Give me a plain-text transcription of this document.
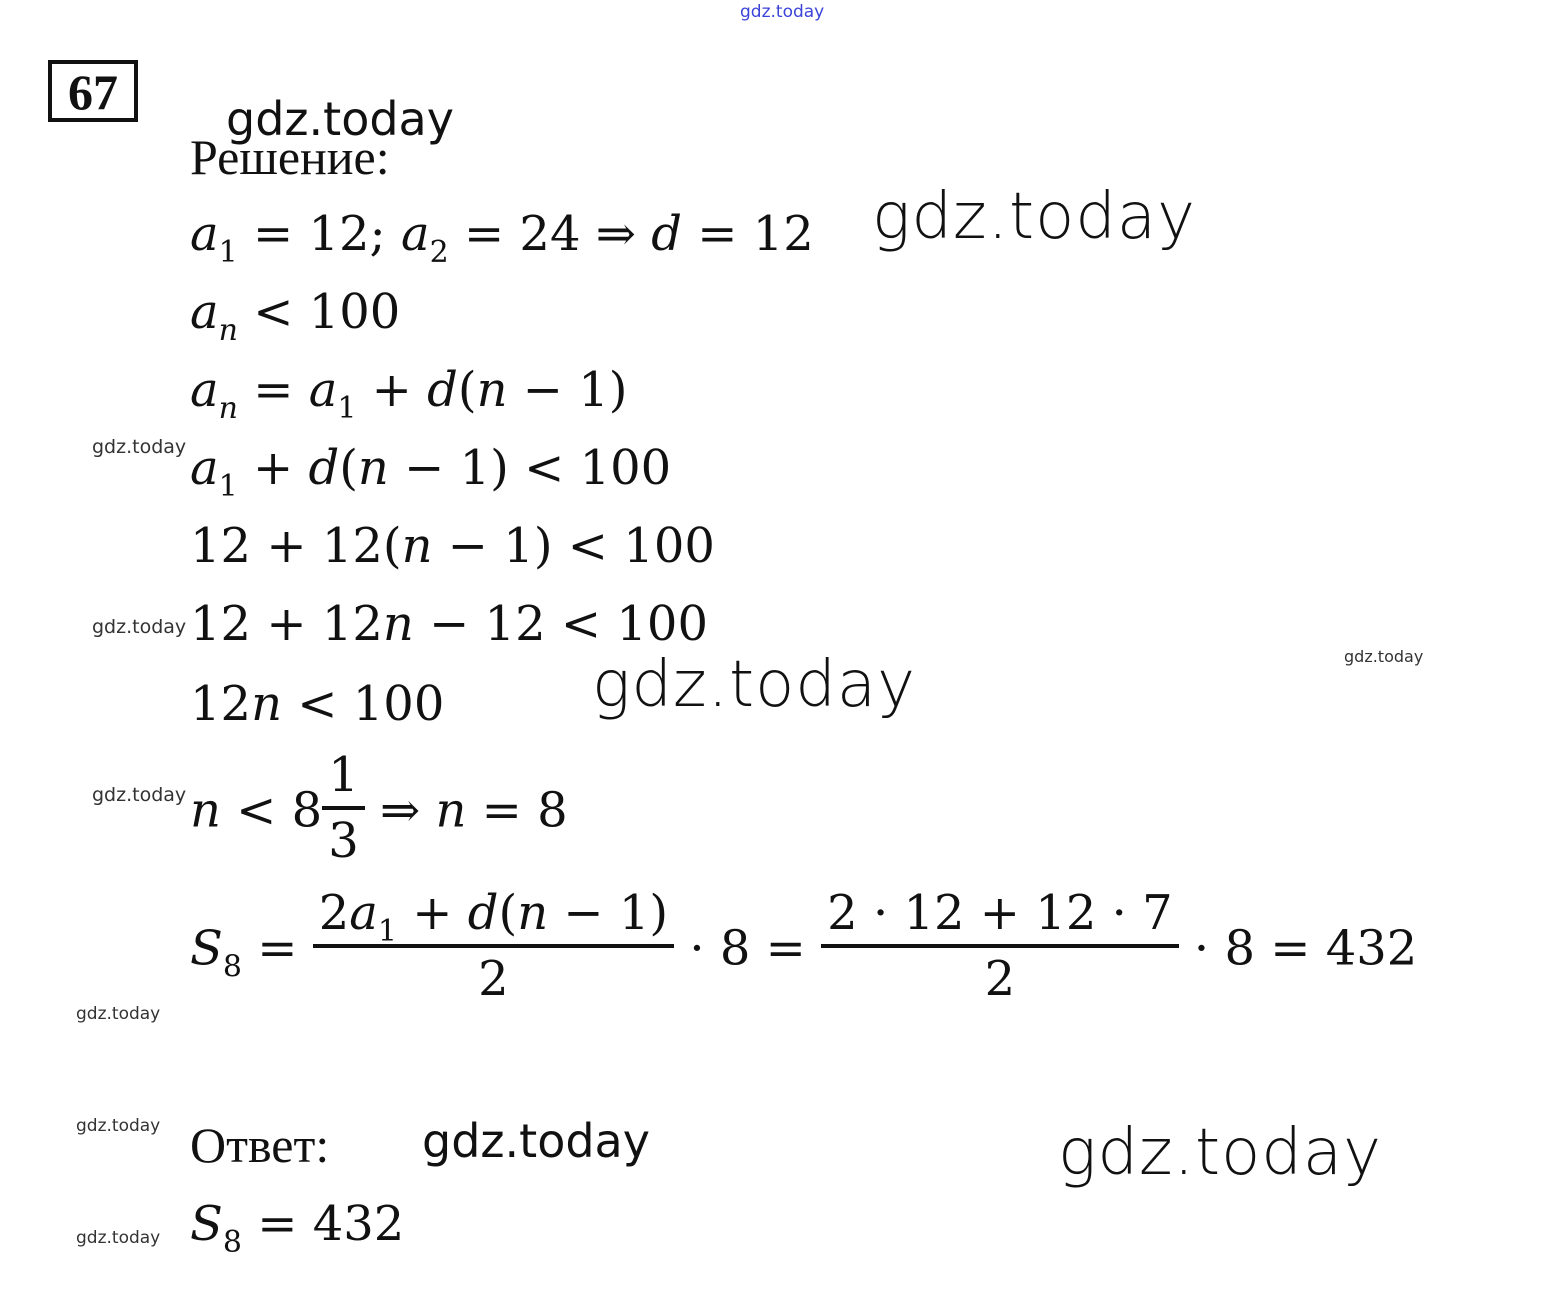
67
Решение:
$a_1 = 12$; $a_2 = 24$ ⇒ d = 12
$a_n < 100$
$a_n = a_1 + d(n - 1)$
$a_1 + d(n - 1) < 100$
12 + 12(n − 1) < 100
12 + 12n − 12 < 100
12n < 100
$n < 8 \frac{1}{3}$ ⇒ n = 8
$S_8 = \frac{2a_1 + d(n - 1)}{2} \cdot 8 = \frac{2 \cdot 12 + 12 \cdot 7}{2} \cdot 8 = 432$
Ответ:
$S_8 = 432$
gdz.today
gdz.today
gdz.today
gdz.today
gdz.today
gdz.today	gdz.today
gdz.today
gdz.today
gdz.today	gdz.today	gdz.today
gdz.today
